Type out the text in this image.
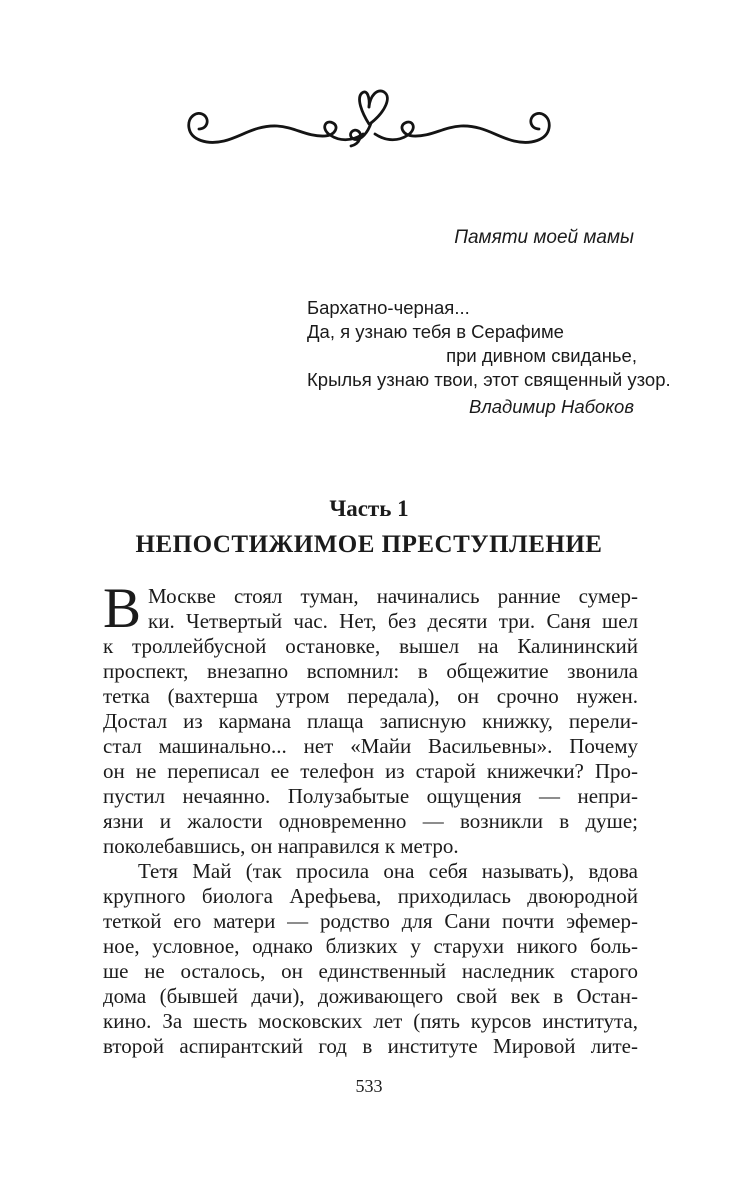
Памяти моей мамы
Бархатно-черная...
Да, я узнаю тебя в Серафиме
при дивном свиданье,
Крылья узнаю твои, этот священный узор.
Владимир Набоков
Часть 1
НЕПОСТИЖИМОЕ ПРЕСТУПЛЕНИЕ
В Москве стоял туман, начинались ранние сумер-
ки. Четвертый час. Нет, без десяти три. Саня шел
к троллейбусной остановке, вышел на Калининский
проспект, внезапно вспомнил: в общежитие звонила
тетка (вахтерша утром передала), он срочно нужен.
Достал из кармана плаща записную книжку, перели-
стал машинально... нет «Майи Васильевны». Почему
он не переписал ее телефон из старой книжечки? Про-
пустил нечаянно. Полузабытые ощущения — непри-
язни и жалости одновременно — возникли в душе;
поколебавшись, он направился к метро.
Тетя Май (так просила она себя называть), вдова
крупного биолога Арефьева, приходилась двоюродной
теткой его матери — родство для Сани почти эфемер-
ное, условное, однако близких у старухи никого боль-
ше не осталось, он единственный наследник старого
дома (бывшей дачи), доживающего свой век в Остан-
кино. За шесть московских лет (пять курсов института,
второй аспирантский год в институте Мировой лите-
533
